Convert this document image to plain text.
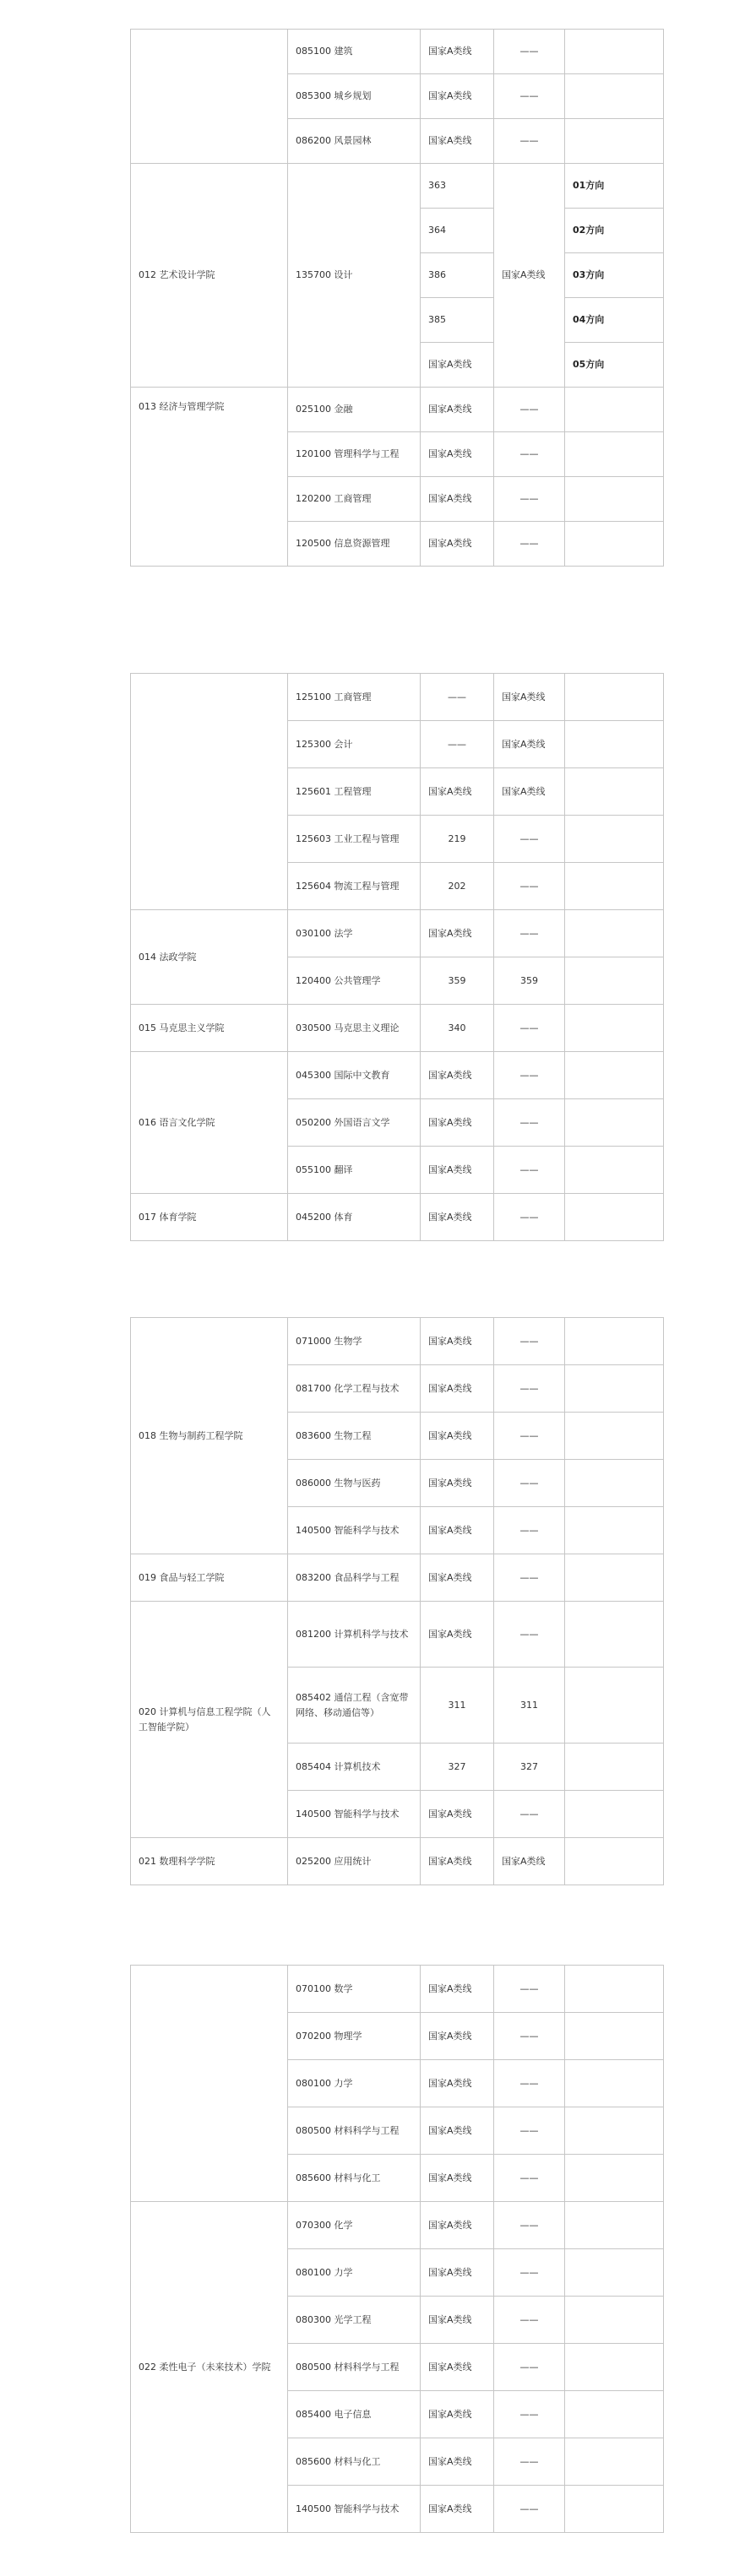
	085100 建筑	国家A类线	——	
	085300 城乡规划	国家A类线	——	
	086200 风景园林	国家A类线	——	
012 艺术设计学院	135700 设计	363	国家A类线	01方向
		364		02方向
		386		03方向
		385		04方向
		国家A类线		05方向
013 经济与管理学院	025100 金融	国家A类线	——	
	120100 管理科学与工程	国家A类线	——	
	120200 工商管理	国家A类线	——	
	120500 信息资源管理	国家A类线	——	
	125100 工商管理	——	国家A类线	
	125300 会计	——	国家A类线	
	125601 工程管理	国家A类线	国家A类线	
	125603 工业工程与管理	219	——	
	125604 物流工程与管理	202	——	
014 法政学院	030100 法学	国家A类线	——	
	120400 公共管理学	359	359	
015 马克思主义学院	030500 马克思主义理论	340	——	
016 语言文化学院	045300 国际中文教育	国家A类线	——	
	050200 外国语言文学	国家A类线	——	
	055100 翻译	国家A类线	——	
017 体育学院	045200 体育	国家A类线	——	
018 生物与制药工程学院	071000 生物学	国家A类线	——	
	081700 化学工程与技术	国家A类线	——	
	083600 生物工程	国家A类线	——	
	086000 生物与医药	国家A类线	——	
	140500 智能科学与技术	国家A类线	——	
019 食品与轻工学院	083200 食品科学与工程	国家A类线	——	
020 计算机与信息工程学院（人工智能学院）	081200 计算机科学与技术	国家A类线	——	
	085402 通信工程（含宽带网络、移动通信等）	311	311	
	085404 计算机技术	327	327	
	140500 智能科学与技术	国家A类线	——	
021 数理科学学院	025200 应用统计	国家A类线	国家A类线	
	070100 数学	国家A类线	——	
	070200 物理学	国家A类线	——	
	080100 力学	国家A类线	——	
	080500 材料科学与工程	国家A类线	——	
	085600 材料与化工	国家A类线	——	
022 柔性电子（未来技术）学院	070300 化学	国家A类线	——	
	080100 力学	国家A类线	——	
	080300 光学工程	国家A类线	——	
	080500 材料科学与工程	国家A类线	——	
	085400 电子信息	国家A类线	——	
	085600 材料与化工	国家A类线	——	
	140500 智能科学与技术	国家A类线	——	
